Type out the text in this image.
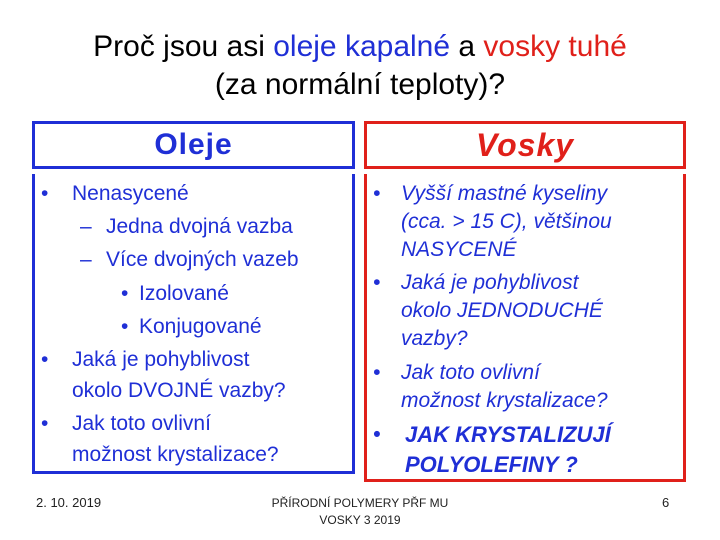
Proč jsou asi oleje kapalné a vosky tuhé
(za normální teploty)?
Oleje
• Nenasycené
– Jedna dvojná vazba
– Více dvojných vazeb
• Izolované
• Konjugované
• Jaká je pohyblivost
okolo DVOJNÉ vazby?
• Jak toto ovlivní
možnost krystalizace?
Vosky
• Vyšší mastné kyseliny
(cca. > 15 C), většinou
NASYCENÉ
• Jaká je pohyblivost
okolo JEDNODUCHÉ
vazby?
• Jak toto ovlivní
možnost krystalizace?
• JAK KRYSTALIZUJÍ
POLYOLEFINY ?
2. 10. 2019	PŘÍRODNÍ POLYMERY PŘF MU
VOSKY 3 2019
6
